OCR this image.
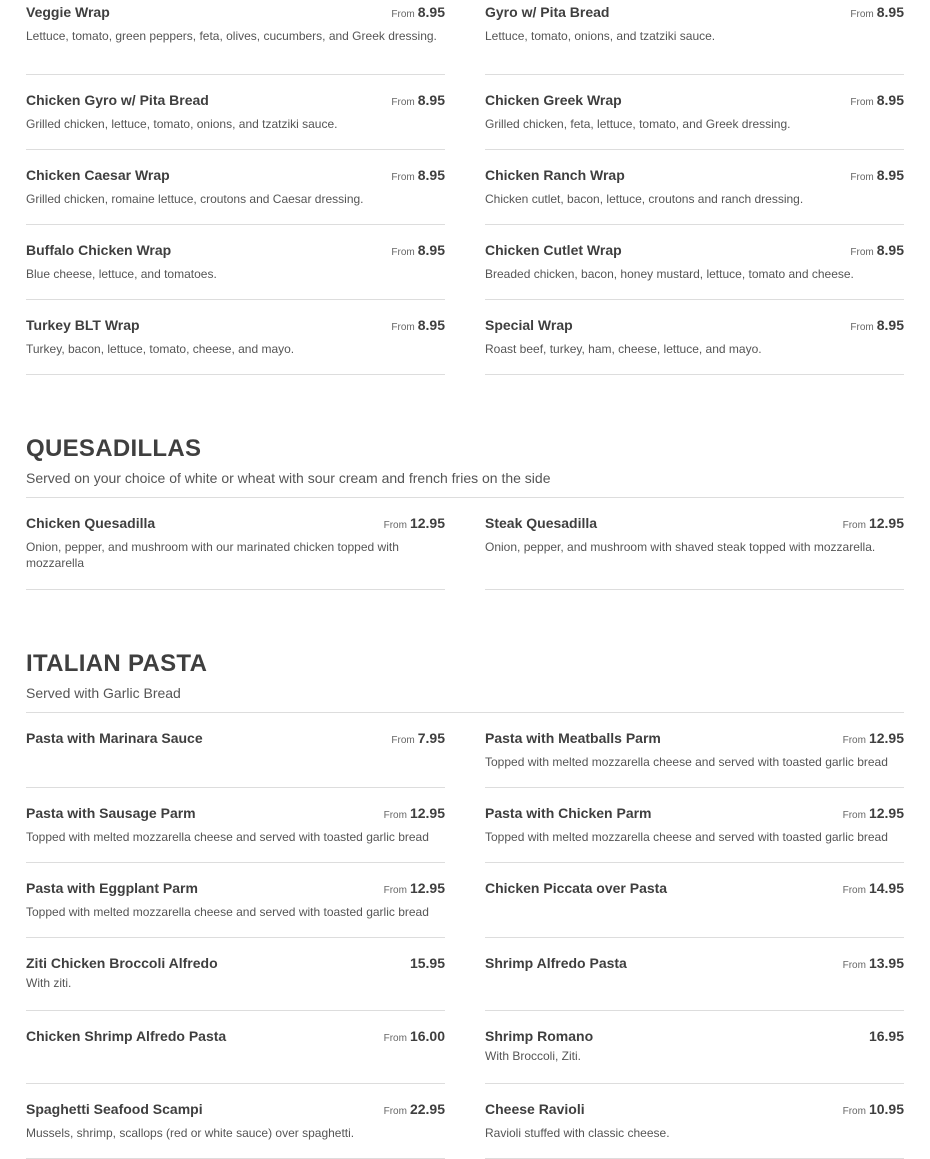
Veggie Wrap	From 8.95
Lettuce, tomato, green peppers, feta, olives, cucumbers, and Greek dressing.
Gyro w/ Pita Bread	From 8.95
Lettuce, tomato, onions, and tzatziki sauce.
Chicken Gyro w/ Pita Bread	From 8.95
Grilled chicken, lettuce, tomato, onions, and tzatziki sauce.
Chicken Greek Wrap	From 8.95
Grilled chicken, feta, lettuce, tomato, and Greek dressing.
Chicken Caesar Wrap	From 8.95
Grilled chicken, romaine lettuce, croutons and Caesar dressing.
Chicken Ranch Wrap	From 8.95
Chicken cutlet, bacon, lettuce, croutons and ranch dressing.
Buffalo Chicken Wrap	From 8.95
Blue cheese, lettuce, and tomatoes.
Chicken Cutlet Wrap	From 8.95
Breaded chicken, bacon, honey mustard, lettuce, tomato and cheese.
Turkey BLT Wrap	From 8.95
Turkey, bacon, lettuce, tomato, cheese, and mayo.
Special Wrap	From 8.95
Roast beef, turkey, ham, cheese, lettuce, and mayo.
QUESADILLAS
Served on your choice of white or wheat with sour cream and french fries on the side
Chicken Quesadilla	From 12.95
Onion, pepper, and mushroom with our marinated chicken topped with mozzarella
Steak Quesadilla	From 12.95
Onion, pepper, and mushroom with shaved steak topped with mozzarella.
ITALIAN PASTA
Served with Garlic Bread
Pasta with Marinara Sauce	From 7.95	Pasta with Meatballs Parm	From 12.95
Topped with melted mozzarella cheese and served with toasted garlic bread
Pasta with Sausage Parm	From 12.95
Topped with melted mozzarella cheese and served with toasted garlic bread
Pasta with Chicken Parm	From 12.95
Topped with melted mozzarella cheese and served with toasted garlic bread
Pasta with Eggplant Parm	From 12.95
Topped with melted mozzarella cheese and served with toasted garlic bread
Chicken Piccata over Pasta	From 14.95
Ziti Chicken Broccoli Alfredo	15.95
With ziti.
Shrimp Alfredo Pasta	From 13.95
Chicken Shrimp Alfredo Pasta	From 16.00	Shrimp Romano	16.95
With Broccoli, Ziti.
Spaghetti Seafood Scampi	From 22.95
Mussels, shrimp, scallops (red or white sauce) over spaghetti.
Cheese Ravioli	From 10.95
Ravioli stuffed with classic cheese.
